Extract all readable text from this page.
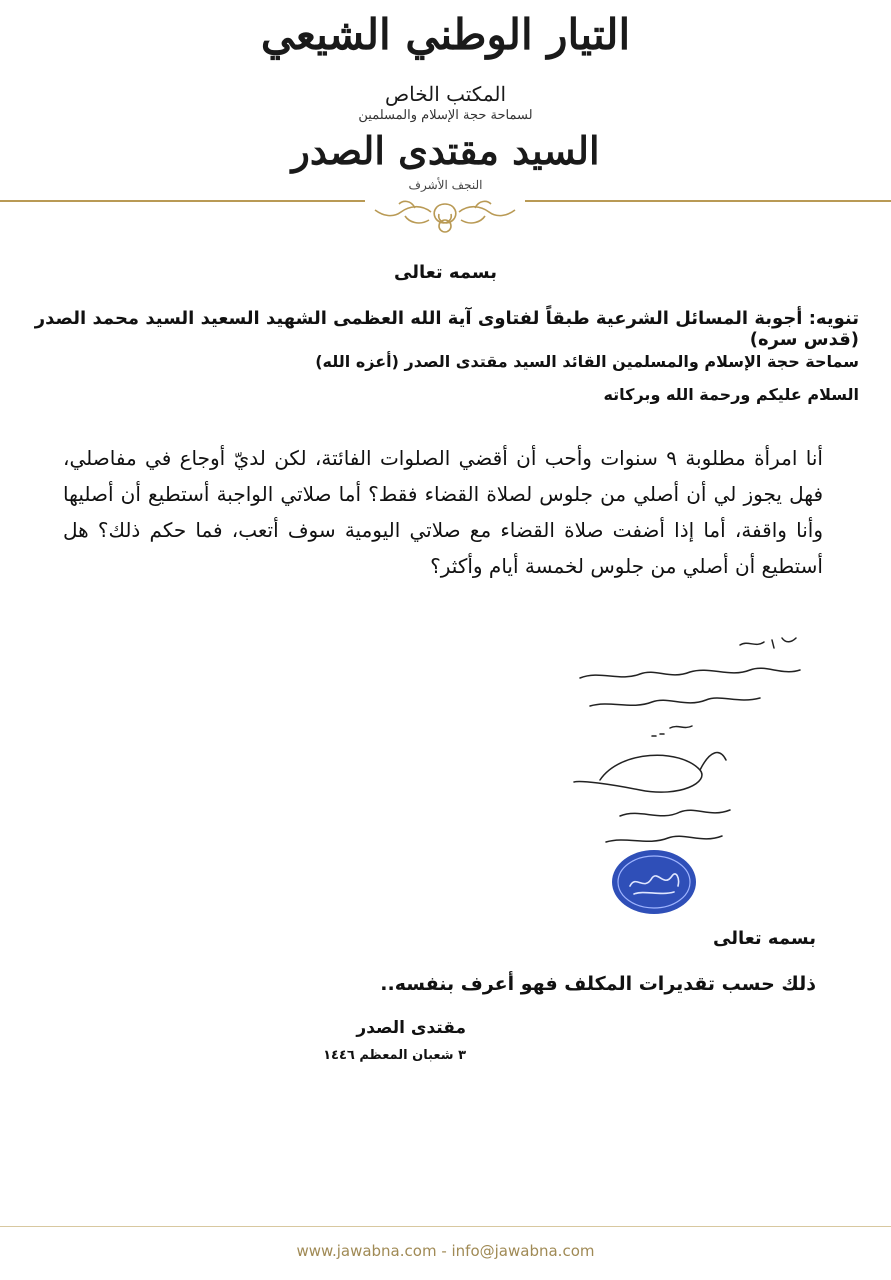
التيار الوطني الشيعي
المكتب الخاص
لسماحة حجة الإسلام والمسلمين
السيد مقتدى الصدر
النجف الأشرف
بسمه تعالى
تنويه: أجوبة المسائل الشرعية طبقاً لفتاوى آية الله العظمى الشهيد السعيد السيد محمد الصدر (قدس سره)
سماحة حجة الإسلام والمسلمين القائد السيد مقتدى الصدر (أعزه الله)
السلام عليكم ورحمة الله وبركاته
أنا امرأة مطلوبة ٩ سنوات وأحب أن أقضي الصلوات الفائتة، لكن لديّ أوجاع في مفاصلي، فهل يجوز لي أن أصلي من جلوس لصلاة القضاء فقط؟ أما صلاتي الواجبة أستطيع أن أصليها وأنا واقفة، أما إذا أضفت صلاة القضاء مع صلاتي اليومية سوف أتعب، فما حكم ذلك؟ هل أستطيع أن أصلي من جلوس لخمسة أيام وأكثر؟
بسمه تعالى
ذلك حسب تقديرات المكلف فهو أعرف بنفسه..
مقتدى الصدر
٣ شعبان المعظم ١٤٤٦
www.jawabna.com - info@jawabna.com
